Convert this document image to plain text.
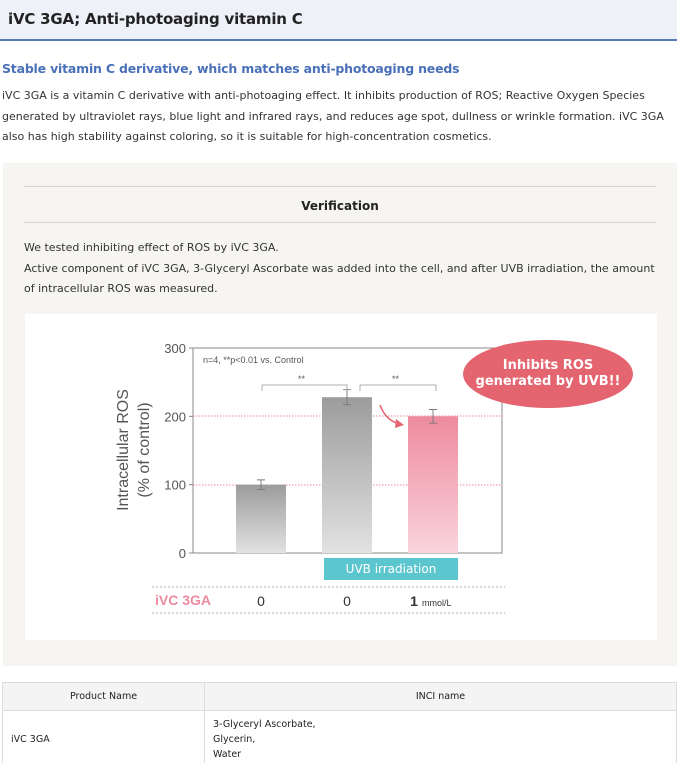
iVC 3GA; Anti-photoaging vitamin C
Stable vitamin C derivative, which matches anti-photoaging needs

iVC 3GA is a vitamin C derivative with anti-photoaging effect. It inhibits production of ROS; Reactive Oxygen Species generated by ultraviolet rays, blue light and infrared rays, and reduces age spot, dullness or wrinkle formation. iVC 3GA also has high stability against coloring, so it is suitable for high-concentration cosmetics.

Verification
We tested inhibiting effect of ROS by iVC 3GA.
Active component of iVC 3GA, 3-Glyceryl Ascorbate was added into the cell, and after UVB irradiation, the amount of intracellular ROS was measured.
0
100
200
300
Intracellular ROS (% of control)
n=4, **p<0.01 vs. Control
**	**
iVC 3GA	0	0	1 mmol/L
Inhibits ROS
generated by UVB!!
UVB irradiation
Product Name	INCI name
iVC 3GA	3-Glyceryl Ascorbate,
Glycerin,
Water
